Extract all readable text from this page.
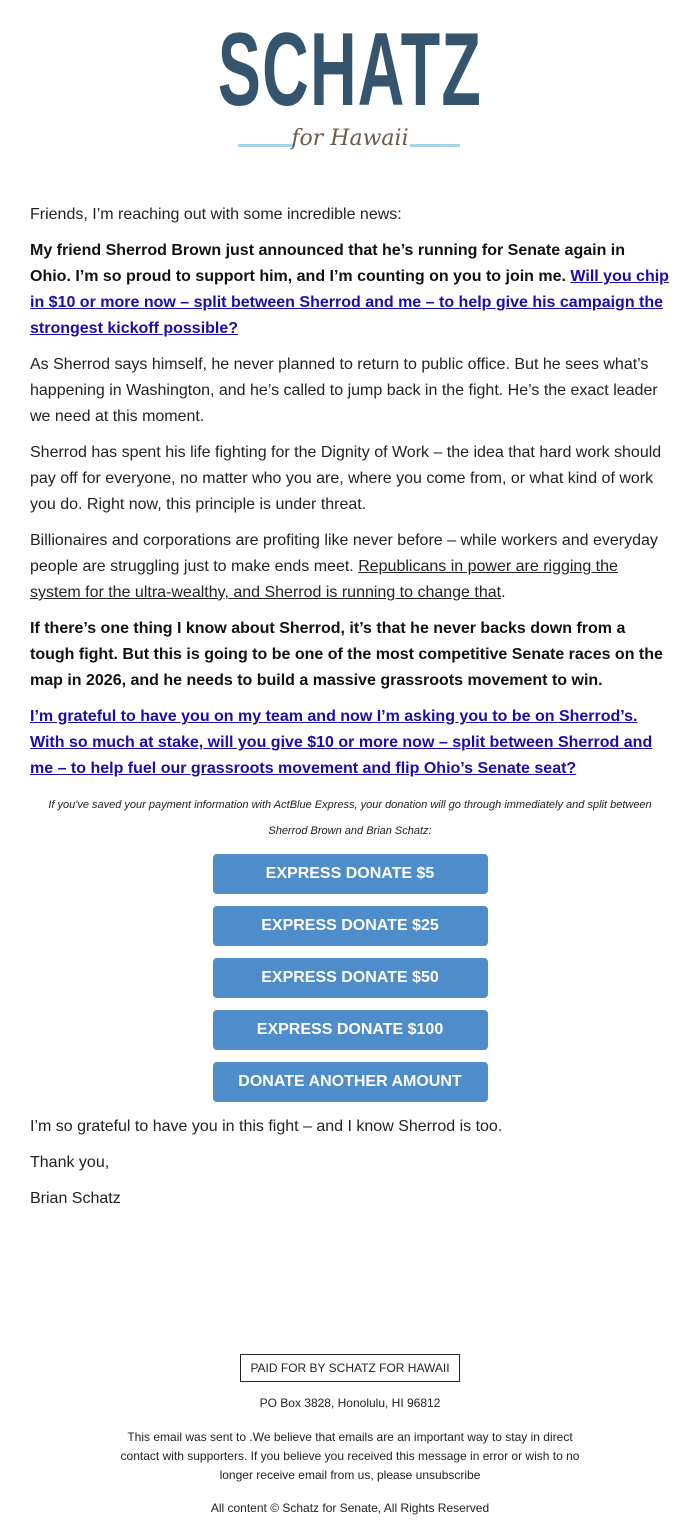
SCHATZ
for Hawaii

Friends, I’m reaching out with some incredible news:

My friend Sherrod Brown just announced that he’s running for Senate again in Ohio. I’m so proud to support him, and I’m counting on you to join me. Will you chip in $10 or more now – split between Sherrod and me – to help give his campaign the strongest kickoff possible?

As Sherrod says himself, he never planned to return to public office. But he sees what’s happening in Washington, and he’s called to jump back in the fight. He’s the exact leader we need at this moment.

Sherrod has spent his life fighting for the Dignity of Work – the idea that hard work should pay off for everyone, no matter who you are, where you come from, or what kind of work you do. Right now, this principle is under threat.

Billionaires and corporations are profiting like never before – while workers and everyday people are struggling just to make ends meet. Republicans in power are rigging the system for the ultra-wealthy, and Sherrod is running to change that.

If there’s one thing I know about Sherrod, it’s that he never backs down from a tough fight. But this is going to be one of the most competitive Senate races on the map in 2026, and he needs to build a massive grassroots movement to win.

I’m grateful to have you on my team and now I’m asking you to be on Sherrod’s. With so much at stake, will you give $10 or more now – split between Sherrod and me – to help fuel our grassroots movement and flip Ohio’s Senate seat?

If you've saved your payment information with ActBlue Express, your donation will go through immediately and split between Sherrod Brown and Brian Schatz:
EXPRESS DONATE $5
EXPRESS DONATE $25
EXPRESS DONATE $50
EXPRESS DONATE $100
DONATE ANOTHER AMOUNT

I’m so grateful to have you in this fight – and I know Sherrod is too.

Thank you,

Brian Schatz

PAID FOR BY SCHATZ FOR HAWAII
PO Box 3828, Honolulu, HI 96812
This email was sent to .We believe that emails are an important way to stay in direct contact with supporters. If you believe you received this message in error or wish to no longer receive email from us, please unsubscribe
All content © Schatz for Senate, All Rights Reserved
